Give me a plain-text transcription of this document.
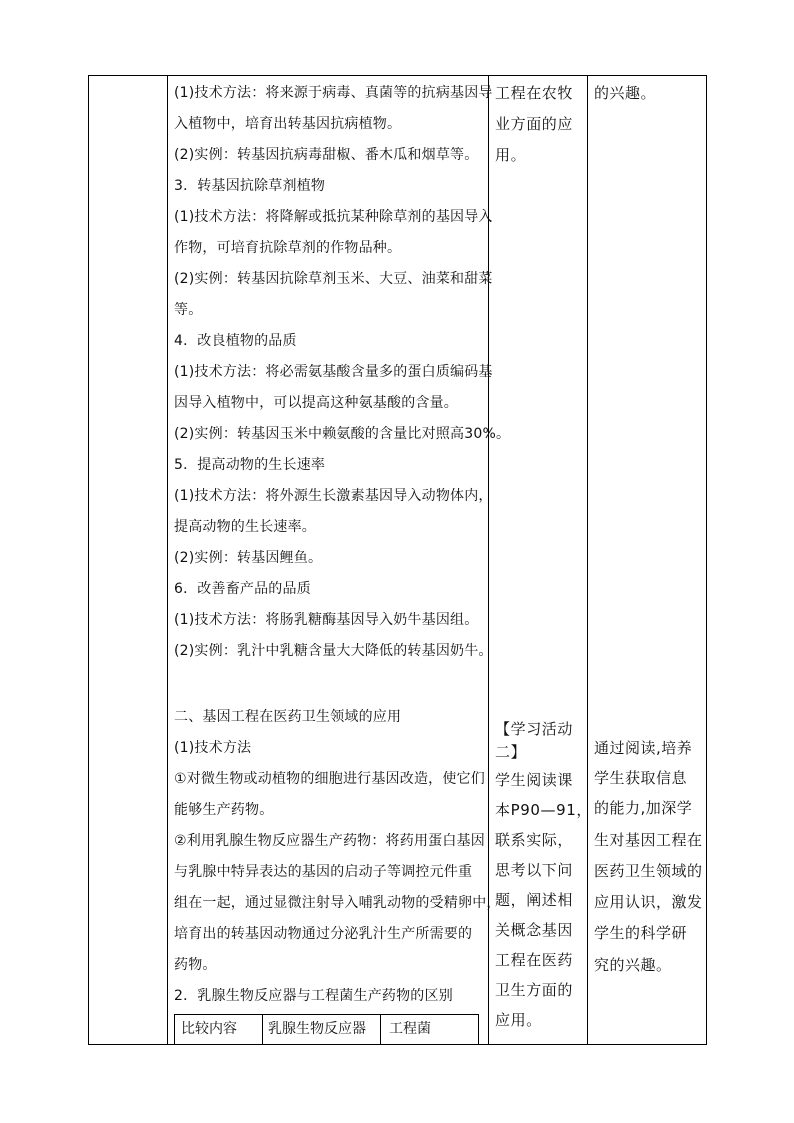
(1)技术方法：将来源于病毒、真菌等的抗病基因导
入植物中，培育出转基因抗病植物。
(2)实例：转基因抗病毒甜椒、番木瓜和烟草等。
3．转基因抗除草剂植物
(1)技术方法：将降解或抵抗某种除草剂的基因导入
作物，可培育抗除草剂的作物品种。
(2)实例：转基因抗除草剂玉米、大豆、油菜和甜菜
等。
4．改良植物的品质
(1)技术方法：将必需氨基酸含量多的蛋白质编码基
因导入植物中，可以提高这种氨基酸的含量。
(2)实例：转基因玉米中赖氨酸的含量比对照高30%。
5．提高动物的生长速率
(1)技术方法：将外源生长激素基因导入动物体内，
提高动物的生长速率。
(2)实例：转基因鲤鱼。
6．改善畜产品的品质
(1)技术方法：将肠乳糖酶基因导入奶牛基因组。
(2)实例：乳汁中乳糖含量大大降低的转基因奶牛。
二、基因工程在医药卫生领域的应用
(1)技术方法
①对微生物或动植物的细胞进行基因改造，使它们
能够生产药物。
②利用乳腺生物反应器生产药物：将药用蛋白基因
与乳腺中特异表达的基因的启动子等调控元件重
组在一起，通过显微注射导入哺乳动物的受精卵中，
培育出的转基因动物通过分泌乳汁生产所需要的
药物。
2．乳腺生物反应器与工程菌生产药物的区别
比较内容 乳腺生物反应器 工程菌
工程在农牧
业方面的应
用。
【学习活动
二】
学生阅读课
本P90—91，
联系实际，
思考以下问
题，阐述相
关概念基因
工程在医药
卫生方面的
应用。
的兴趣。
通过阅读,培养
学生获取信息
的能力,加深学
生对基因工程在
医药卫生领域的
应用认识，激发
学生的科学研
究的兴趣。
